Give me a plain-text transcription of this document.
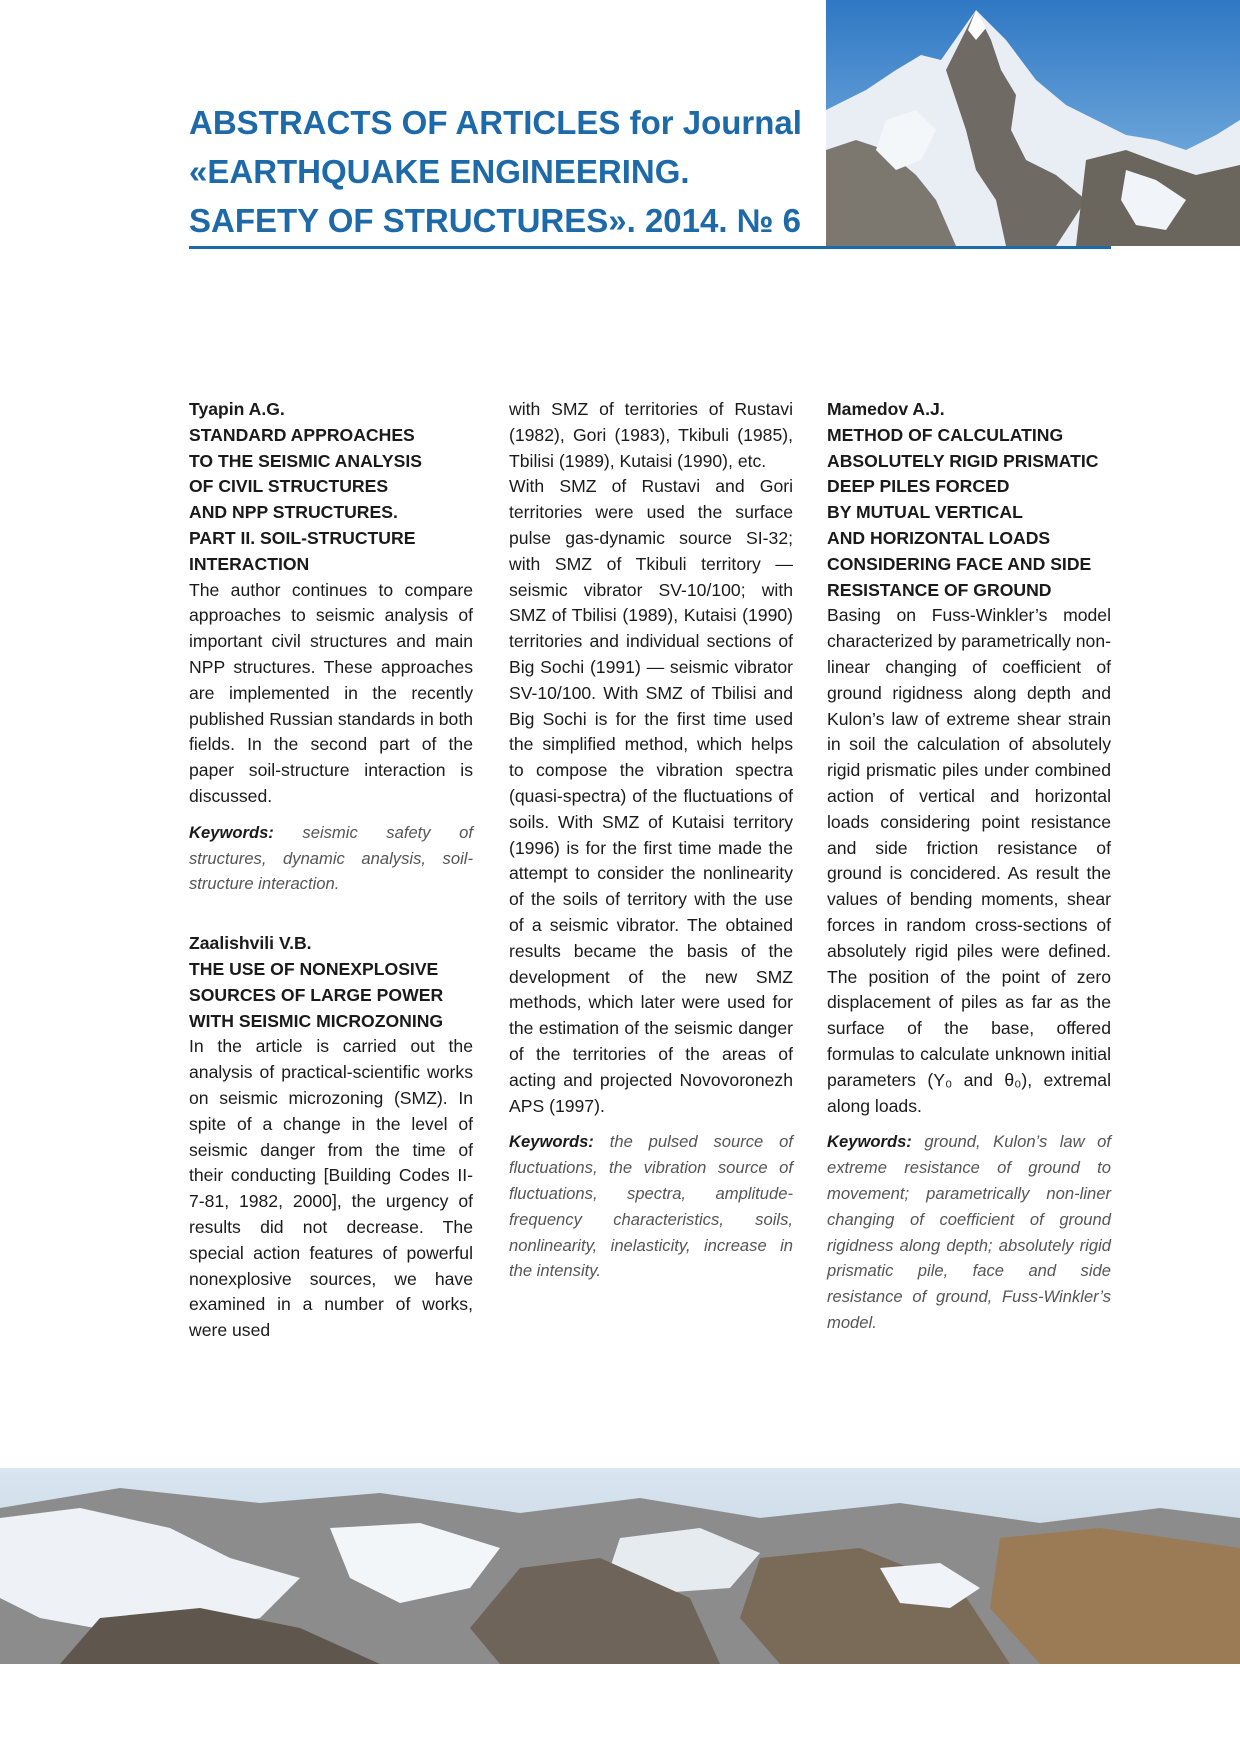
ABSTRACTS OF ARTICLES for Journal
«EARTHQUAKE ENGINEERING.
SAFETY OF STRUCTURES». 2014. № 6
Tyapin A.G.
STANDARD APPROACHES
TO THE SEISMIC ANALYSIS
OF CIVIL STRUCTURES
AND NPP STRUCTURES.
PART II. SOIL-STRUCTURE
INTERACTION

The author continues to compare approaches to seismic analysis of important civil structures and main NPP structures. These approaches are implemented in the recently published Russian standards in both fields. In the second part of the paper soil-structure interaction is discussed.

Keywords: seismic safety of structures, dynamic analysis, soil-structure interaction.

Zaalishvili V.B.
THE USE OF NONEXPLOSIVE
SOURCES OF LARGE POWER
WITH SEISMIC MICROZONING

In the article is carried out the analysis of practical-scientific works on seismic microzoning (SMZ). In spite of a change in the level of seismic danger from the time of their conducting [Building Codes II-7-81, 1982, 2000], the urgency of results did not decrease. The special action features of powerful nonexplosive sources, we have examined in a number of works, were used

with SMZ of territories of Rustavi (1982), Gori (1983), Tkibuli (1985), Tbilisi (1989), Kutaisi (1990), etc.

With SMZ of Rustavi and Gori territories were used the surface pulse gas-dynamic source SI-32; with SMZ of Tkibuli territory — seismic vibrator SV-10/100; with SMZ of Tbilisi (1989), Kutaisi (1990) territories and individual sections of Big Sochi (1991) — seismic vibrator SV-10/100. With SMZ of Tbilisi and Big Sochi is for the first time used the simplified method, which helps to compose the vibration spectra (quasi-spectra) of the fluctuations of soils. With SMZ of Kutaisi territory (1996) is for the first time made the attempt to consider the nonlinearity of the soils of territory with the use of a seismic vibrator. The obtained results became the basis of the development of the new SMZ methods, which later were used for the estimation of the seismic danger of the territories of the areas of acting and projected Novovoronezh APS (1997).

Keywords: the pulsed source of fluctuations, the vibration source of fluctuations, spectra, amplitude-frequency characteristics, soils, nonlinearity, inelasticity, increase in the intensity.

Mamedov A.J.
METHOD OF CALCULATING
ABSOLUTELY RIGID PRISMATIC
DEEP PILES FORCED
BY MUTUAL VERTICAL
AND HORIZONTAL LOADS
CONSIDERING FACE AND SIDE
RESISTANCE OF GROUND

Basing on Fuss-Winkler’s model characterized by parametrically non-linear changing of coefficient of ground rigidness along depth and Kulon’s law of extreme shear strain in soil the calculation of absolutely rigid prismatic piles under combined action of vertical and horizontal loads considering point resistance and side friction resistance of ground is concidered. As result the values of bending moments, shear forces in random cross-sections of absolutely rigid piles were defined. The position of the point of zero displacement of piles as far as the surface of the base, offered formulas to calculate unknown initial parameters (Y₀ and θ₀), extremal along loads.

Keywords: ground, Kulon’s law of extreme resistance of ground to movement; parametrically non-liner changing of coefficient of ground rigidness along depth; absolutely rigid prismatic pile, face and side resistance of ground, Fuss-Winkler’s model.
